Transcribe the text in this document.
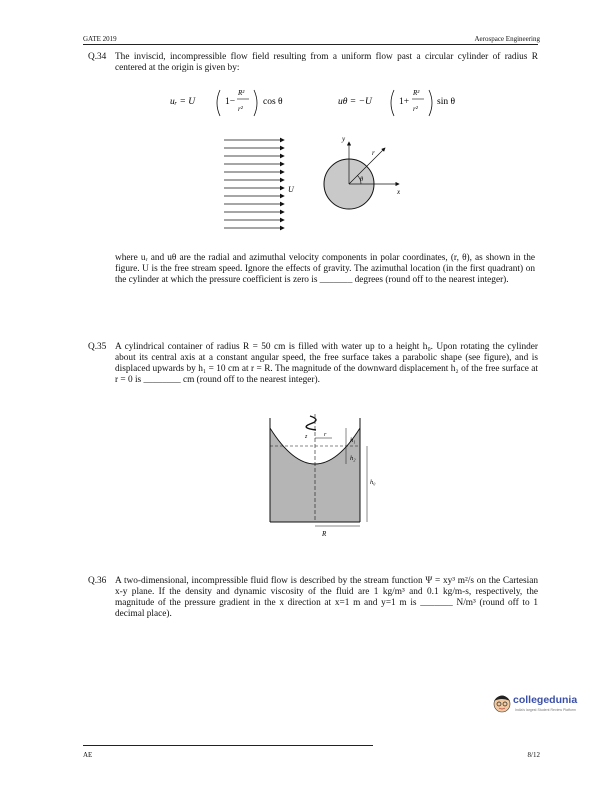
GATE 2019	Aerospace Engineering
Q.34 The inviscid, incompressible flow field resulting from a uniform flow past a circular cylinder of radius R centered at the origin is given by:
uᵣ = U	1−
R²
r²
cos θ	uθ = −U	1+
R²
r²
sin θ
U
y
x
r
θ
where uᵣ and uθ are the radial and azimuthal velocity components in polar coordinates, (r, θ), as shown in the figure. U is the free stream speed. Ignore the effects of gravity. The azimuthal location (in the first quadrant) on the cylinder at which the pressure coefficient is zero is _______ degrees (round off to the nearest integer).
Q.35 A cylindrical container of radius R = 50 cm is filled with water up to a height h₀. Upon rotating the cylinder about its central axis at a constant angular speed, the free surface takes a parabolic shape (see figure), and is displaced upwards by h₁ = 10 cm at r = R. The magnitude of the downward displacement h₂ of the free surface at r = 0 is ________ cm (round off to the nearest integer).
z	r
R
h₁
h₂
h₀
Q.36 A two-dimensional, incompressible fluid flow is described by the stream function Ψ = xy³ m²/s on the Cartesian x-y plane. If the density and dynamic viscosity of the fluid are 1 kg/m³ and 0.1 kg/m-s, respectively, the magnitude of the pressure gradient in the x direction at x=1 m and y=1 m is _______ N/m³ (round off to 1 decimal place).
collegedunia
India's largest Student Review Platform
AE	8/12
